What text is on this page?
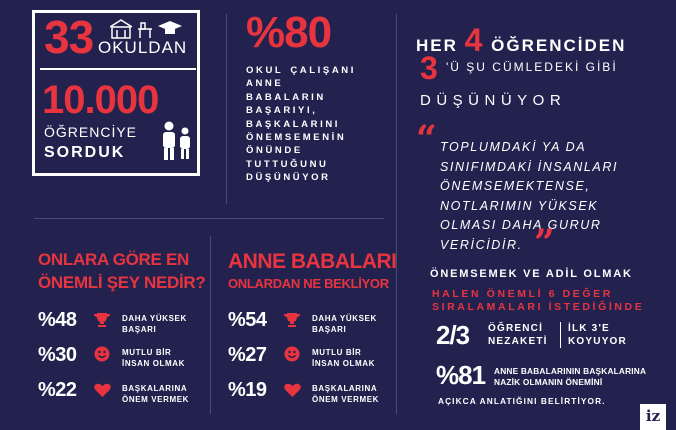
33 OKULDAN
10.000
ÖĞRENCİYE
SORDUK
%80
OKUL ÇALIŞANI
ANNE BABALARIN
BAŞARIYI,
BAŞKALARINI
ÖNEMSEMENİN
ÖNÜNDE
TUTTUĞUNU
DÜŞÜNÜYOR
HER 4 ÖĞRENCİDEN
3 'Ü ŞU CÜMLEDEKİ GİBİ
DÜŞÜNÜYOR
“ TOPLUMDAKİ YA DA
SINIFIMDAKİ İNSANLARI
ÖNEMSEMEKTENSE,
NOTLARIMIN YÜKSEK
OLMASI DAHA GURUR
VERİCİDİR. ”
ONLARA GÖRE EN
ÖNEMLİ ŞEY NEDİR?
%48	DAHA YÜKSEK
BAŞARI
%30	MUTLU BİR
İNSAN OLMAK
%22	BAŞKALARINA
ÖNEM VERMEK
ANNE BABALARI
ONLARDAN NE BEKLİYOR
%54	DAHA YÜKSEK
BAŞARI
%27	MUTLU BİR
İNSAN OLMAK
%19	BAŞKALARINA
ÖNEM VERMEK
ÖNEMSEMEK VE ADİL OLMAK
HALEN ÖNEMLİ 6 DEĞER
SIRALAMALARI İSTEDİĞİNDE
2/3 ÖĞRENCİ
NEZAKETİ
İLK 3'E
KOYUYOR
%81 ANNE BABALARININ BAŞKALARINA
NAZİK OLMANIN ÖNEMİNİ
AÇIKCA ANLATIĞINI BELİRTİYOR.
iz
